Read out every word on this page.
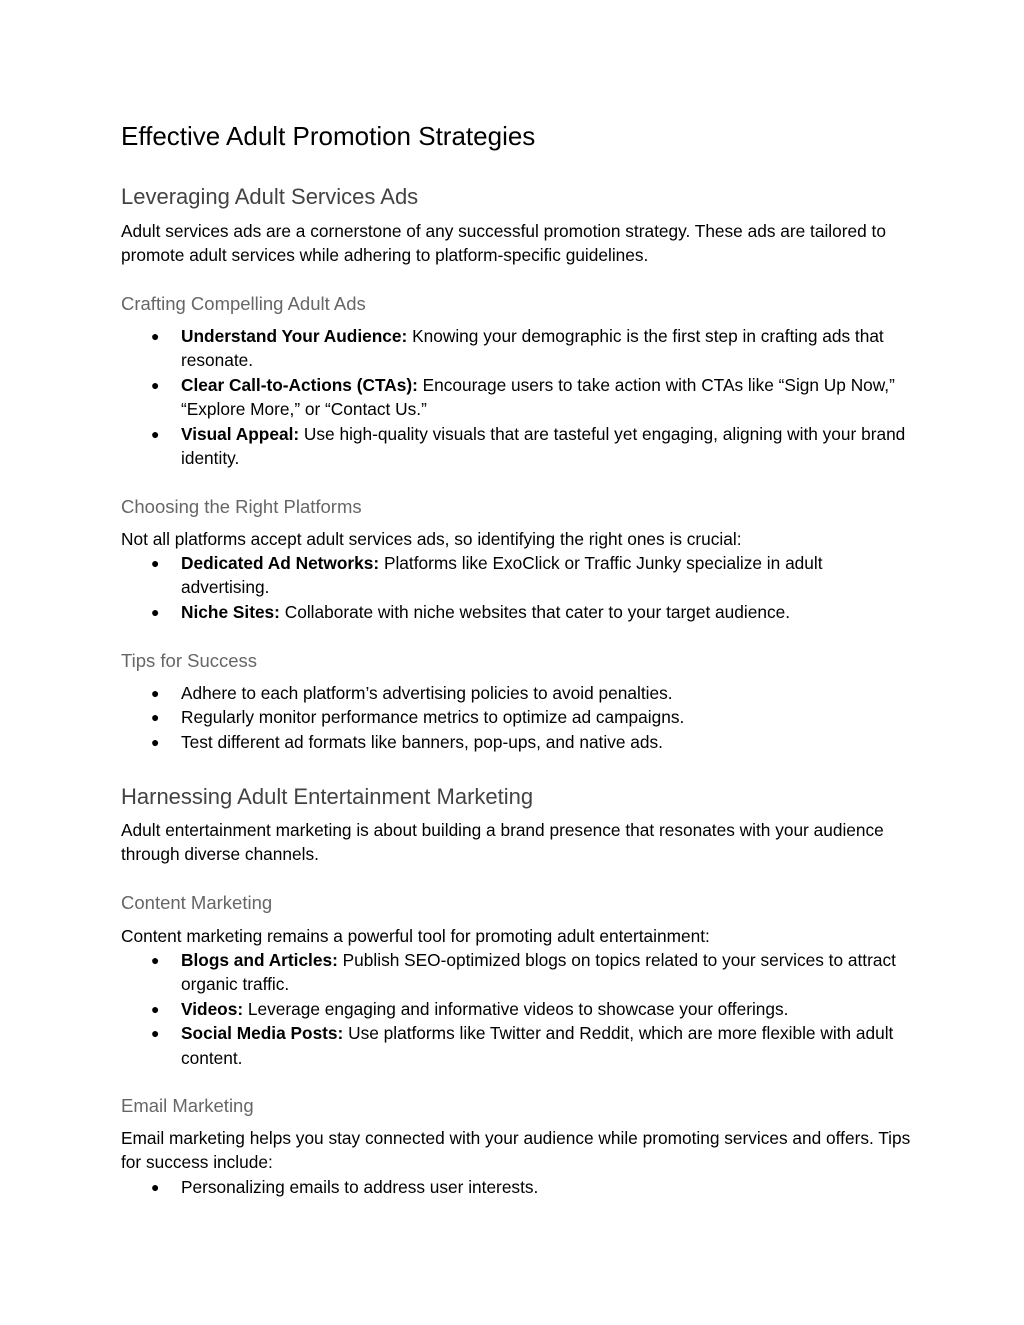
Effective Adult Promotion Strategies
Leveraging Adult Services Ads

Adult services ads are a cornerstone of any successful promotion strategy. These ads are tailored to promote adult services while adhering to platform-specific guidelines.

Crafting Compelling Adult Ads
● Understand Your Audience: Knowing your demographic is the first step in crafting ads that resonate.
● Clear Call-to-Actions (CTAs): Encourage users to take action with CTAs like “Sign Up Now,” “Explore More,” or “Contact Us.”
● Visual Appeal: Use high-quality visuals that are tasteful yet engaging, aligning with your brand identity.
Choosing the Right Platforms

Not all platforms accept adult services ads, so identifying the right ones is crucial:

● Dedicated Ad Networks: Platforms like ExoClick or Traffic Junky specialize in adult advertising.
● Niche Sites: Collaborate with niche websites that cater to your target audience.
Tips for Success
● Adhere to each platform’s advertising policies to avoid penalties.
● Regularly monitor performance metrics to optimize ad campaigns.
● Test different ad formats like banners, pop-ups, and native ads.
Harnessing Adult Entertainment Marketing

Adult entertainment marketing is about building a brand presence that resonates with your audience through diverse channels.

Content Marketing

Content marketing remains a powerful tool for promoting adult entertainment:

● Blogs and Articles: Publish SEO-optimized blogs on topics related to your services to attract organic traffic.
● Videos: Leverage engaging and informative videos to showcase your offerings.
● Social Media Posts: Use platforms like Twitter and Reddit, which are more flexible with adult content.
Email Marketing

Email marketing helps you stay connected with your audience while promoting services and offers. Tips for success include:

● Personalizing emails to address user interests.
